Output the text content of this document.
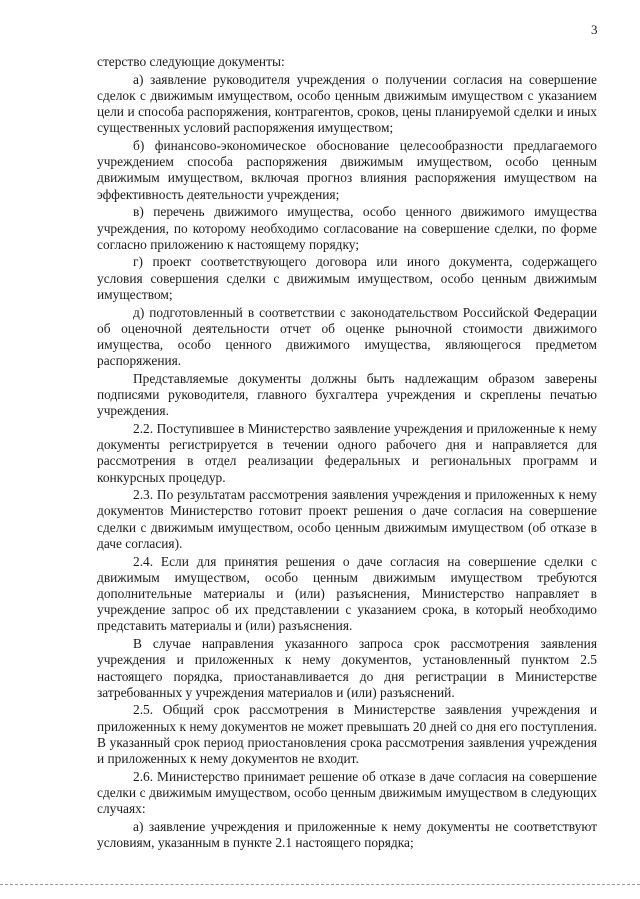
3

стерство следующие документы:

а) заявление руководителя учреждения о получении согласия на совершение сделок с движимым имуществом, особо ценным движимым имуществом с указанием цели и способа распоряжения, контрагентов, сроков, цены планируемой сделки и иных существенных условий распоряжения имуществом;

б) финансово-экономическое обоснование целесообразности предлагаемого учреждением способа распоряжения движимым имуществом, особо ценным движимым имуществом, включая прогноз влияния распоряжения имуществом на эффективность деятельности учреждения;

в) перечень движимого имущества, особо ценного движимого имущества учреждения, по которому необходимо согласование на совершение сделки, по форме согласно приложению к настоящему порядку;

г) проект соответствующего договора или иного документа, содержащего условия совершения сделки с движимым имуществом, особо ценным движимым имуществом;

д) подготовленный в соответствии с законодательством Российской Федерации об оценочной деятельности отчет об оценке рыночной стоимости движимого имущества, особо ценного движимого имущества, являющегося предметом распоряжения.

Представляемые документы должны быть надлежащим образом заверены подписями руководителя, главного бухгалтера учреждения и скреплены печатью учреждения.

2.2. Поступившее в Министерство заявление учреждения и приложенные к нему документы регистрируется в течении одного рабочего дня и направляется для рассмотрения в отдел реализации федеральных и региональных программ и конкурсных процедур.

2.3. По результатам рассмотрения заявления учреждения и приложенных к нему документов Министерство готовит проект решения о даче согласия на совершение сделки с движимым имуществом, особо ценным движимым имуществом (об отказе в даче согласия).

2.4. Если для принятия решения о даче согласия на совершение сделки с движимым имуществом, особо ценным движимым имуществом требуются дополнительные материалы и (или) разъяснения, Министерство направляет в учреждение запрос об их представлении с указанием срока, в который необходимо представить материалы и (или) разъяснения.

В случае направления указанного запроса срок рассмотрения заявления учреждения и приложенных к нему документов, установленный пунктом 2.5 настоящего порядка, приостанавливается до дня регистрации в Министерстве затребованных у учреждения материалов и (или) разъяснений.

2.5. Общий срок рассмотрения в Министерстве заявления учреждения и приложенных к нему документов не может превышать 20 дней со дня его поступления. В указанный срок период приостановления срока рассмотрения заявления учреждения и приложенных к нему документов не входит.

2.6. Министерство принимает решение об отказе в даче согласия на совершение сделки с движимым имуществом, особо ценным движимым имуществом в следующих случаях:

а) заявление учреждения и приложенные к нему документы не соответствуют условиям, указанным в пункте 2.1 настоящего порядка;
